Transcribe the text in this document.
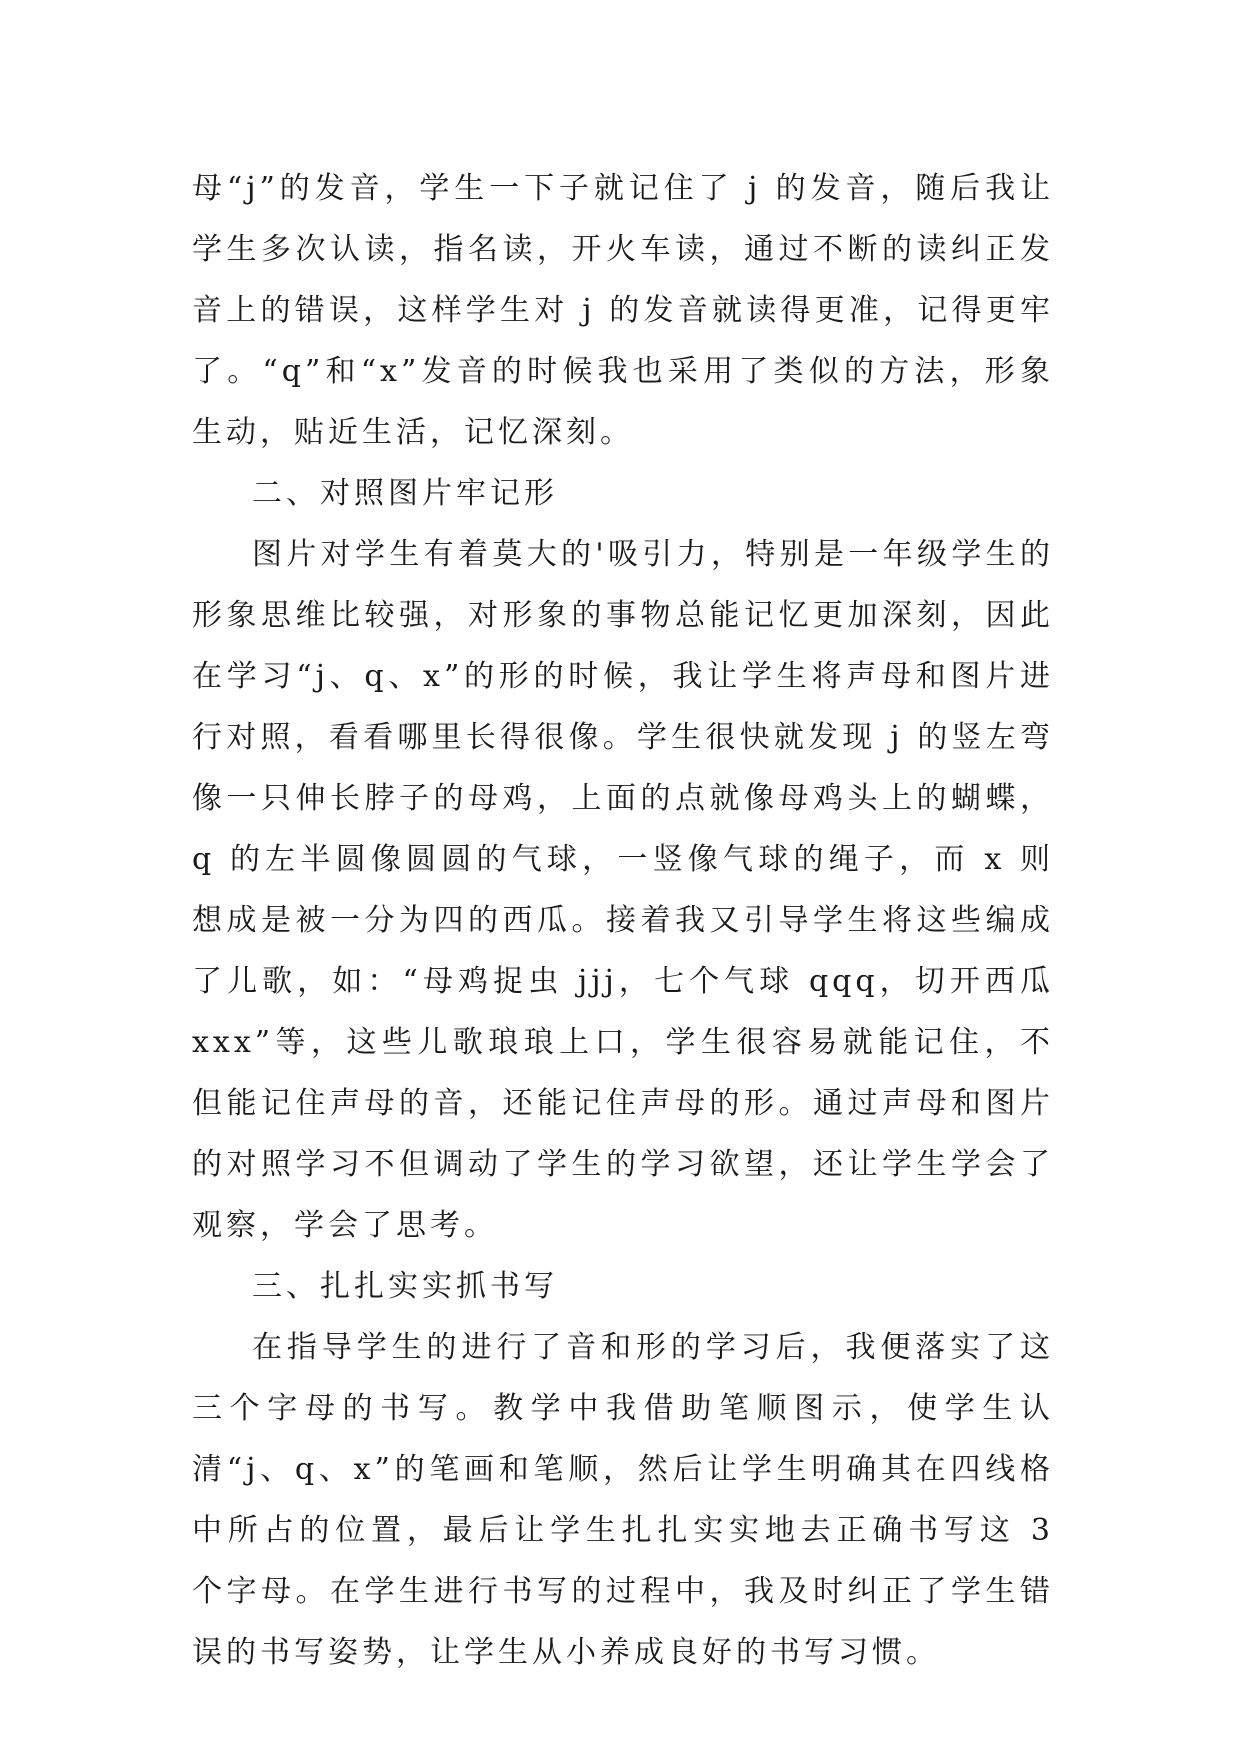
母“j”的发音，学生一下子就记住了 j 的发音，随后我让学生多次认读，指名读，开火车读，通过不断的读纠正发音上的错误，这样学生对 j 的发音就读得更准，记得更牢了。“q”和“x”发音的时候我也采用了类似的方法，形象生动，贴近生活，记忆深刻。

二、对照图片牢记形

图片对学生有着莫大的'吸引力，特别是一年级学生的形象思维比较强，对形象的事物总能记忆更加深刻，因此在学习“j、q、x”的形的时候，我让学生将声母和图片进行对照，看看哪里长得很像。学生很快就发现 j 的竖左弯像一只伸长脖子的母鸡，上面的点就像母鸡头上的蝴蝶，q 的左半圆像圆圆的气球，一竖像气球的绳子，而 x 则想成是被一分为四的西瓜。接着我又引导学生将这些编成了儿歌，如：“母鸡捉虫 jjj，七个气球 qqq，切开西瓜 xxx”等，这些儿歌琅琅上口，学生很容易就能记住，不但能记住声母的音，还能记住声母的形。通过声母和图片的对照学习不但调动了学生的学习欲望，还让学生学会了观察，学会了思考。

三、扎扎实实抓书写

在指导学生的进行了音和形的学习后，我便落实了这三个字母的书写。教学中我借助笔顺图示，使学生认清“j、q、x”的笔画和笔顺，然后让学生明确其在四线格中所占的位置，最后让学生扎扎实实地去正确书写这 3 个字母。在学生进行书写的过程中，我及时纠正了学生错误的书写姿势，让学生从小养成良好的书写习惯。
